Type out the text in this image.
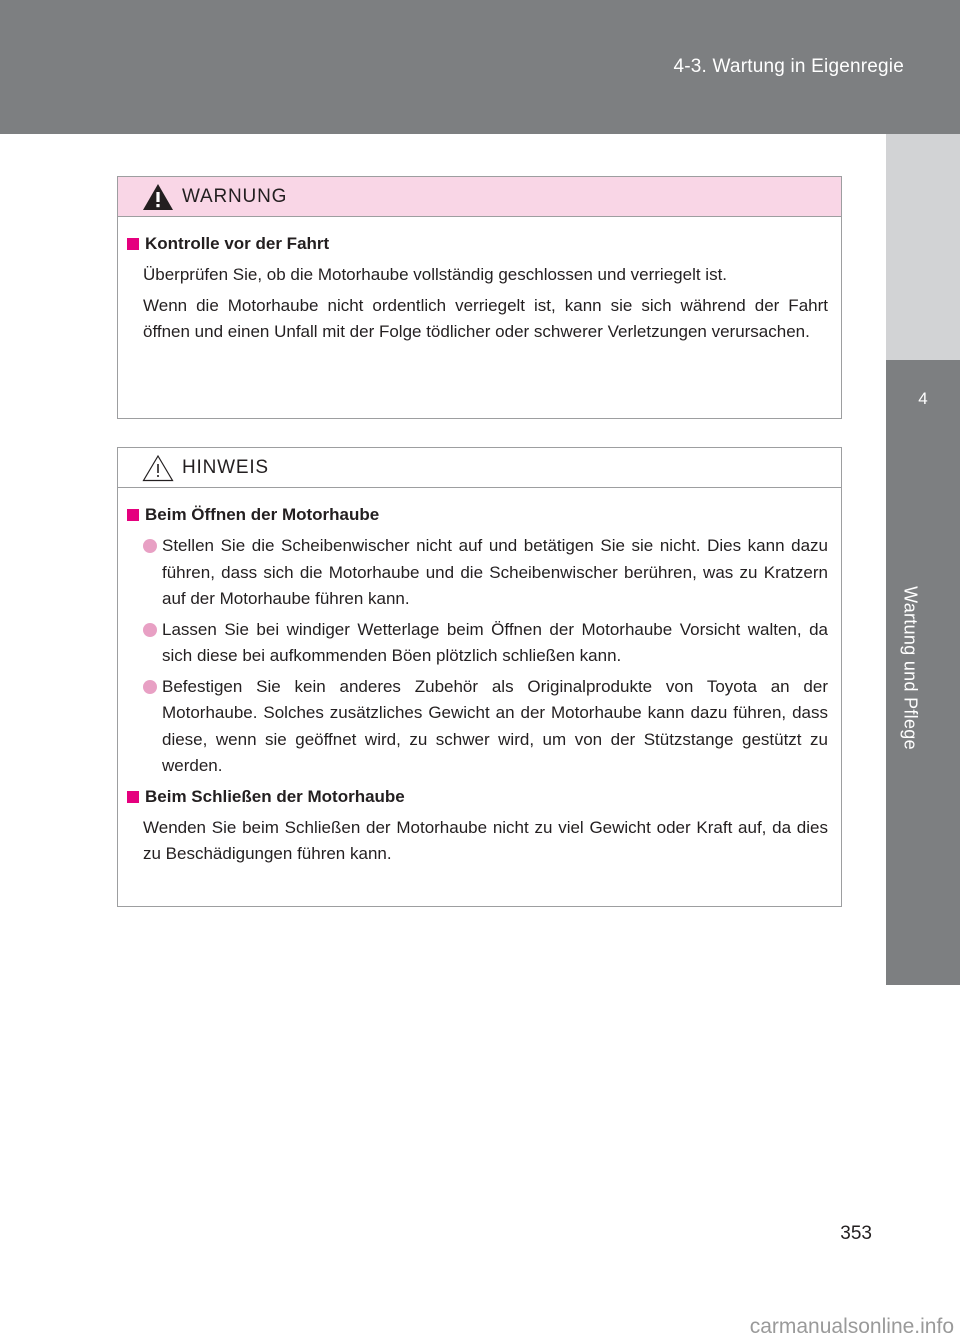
4-3. Wartung in Eigenregie
4
Wartung und Pflege
WARNUNG
Kontrolle vor der Fahrt
Überprüfen Sie, ob die Motorhaube vollständig geschlossen und verriegelt ist.
Wenn die Motorhaube nicht ordentlich verriegelt ist, kann sie sich während der Fahrt öffnen und einen Unfall mit der Folge tödlicher oder schwerer Verletzungen verursachen.
HINWEIS
Beim Öffnen der Motorhaube
Stellen Sie die Scheibenwischer nicht auf und betätigen Sie sie nicht. Dies kann dazu führen, dass sich die Motorhaube und die Scheibenwischer berühren, was zu Kratzern auf der Motorhaube führen kann.
Lassen Sie bei windiger Wetterlage beim Öffnen der Motorhaube Vorsicht walten, da sich diese bei aufkommenden Böen plötzlich schließen kann.
Befestigen Sie kein anderes Zubehör als Originalprodukte von Toyota an der Motorhaube. Solches zusätzliches Gewicht an der Motorhaube kann dazu führen, dass diese, wenn sie geöffnet wird, zu schwer wird, um von der Stützstange gestützt zu werden.
Beim Schließen der Motorhaube
Wenden Sie beim Schließen der Motorhaube nicht zu viel Gewicht oder Kraft auf, da dies zu Beschädigungen führen kann.
353
carmanualsonline.info
